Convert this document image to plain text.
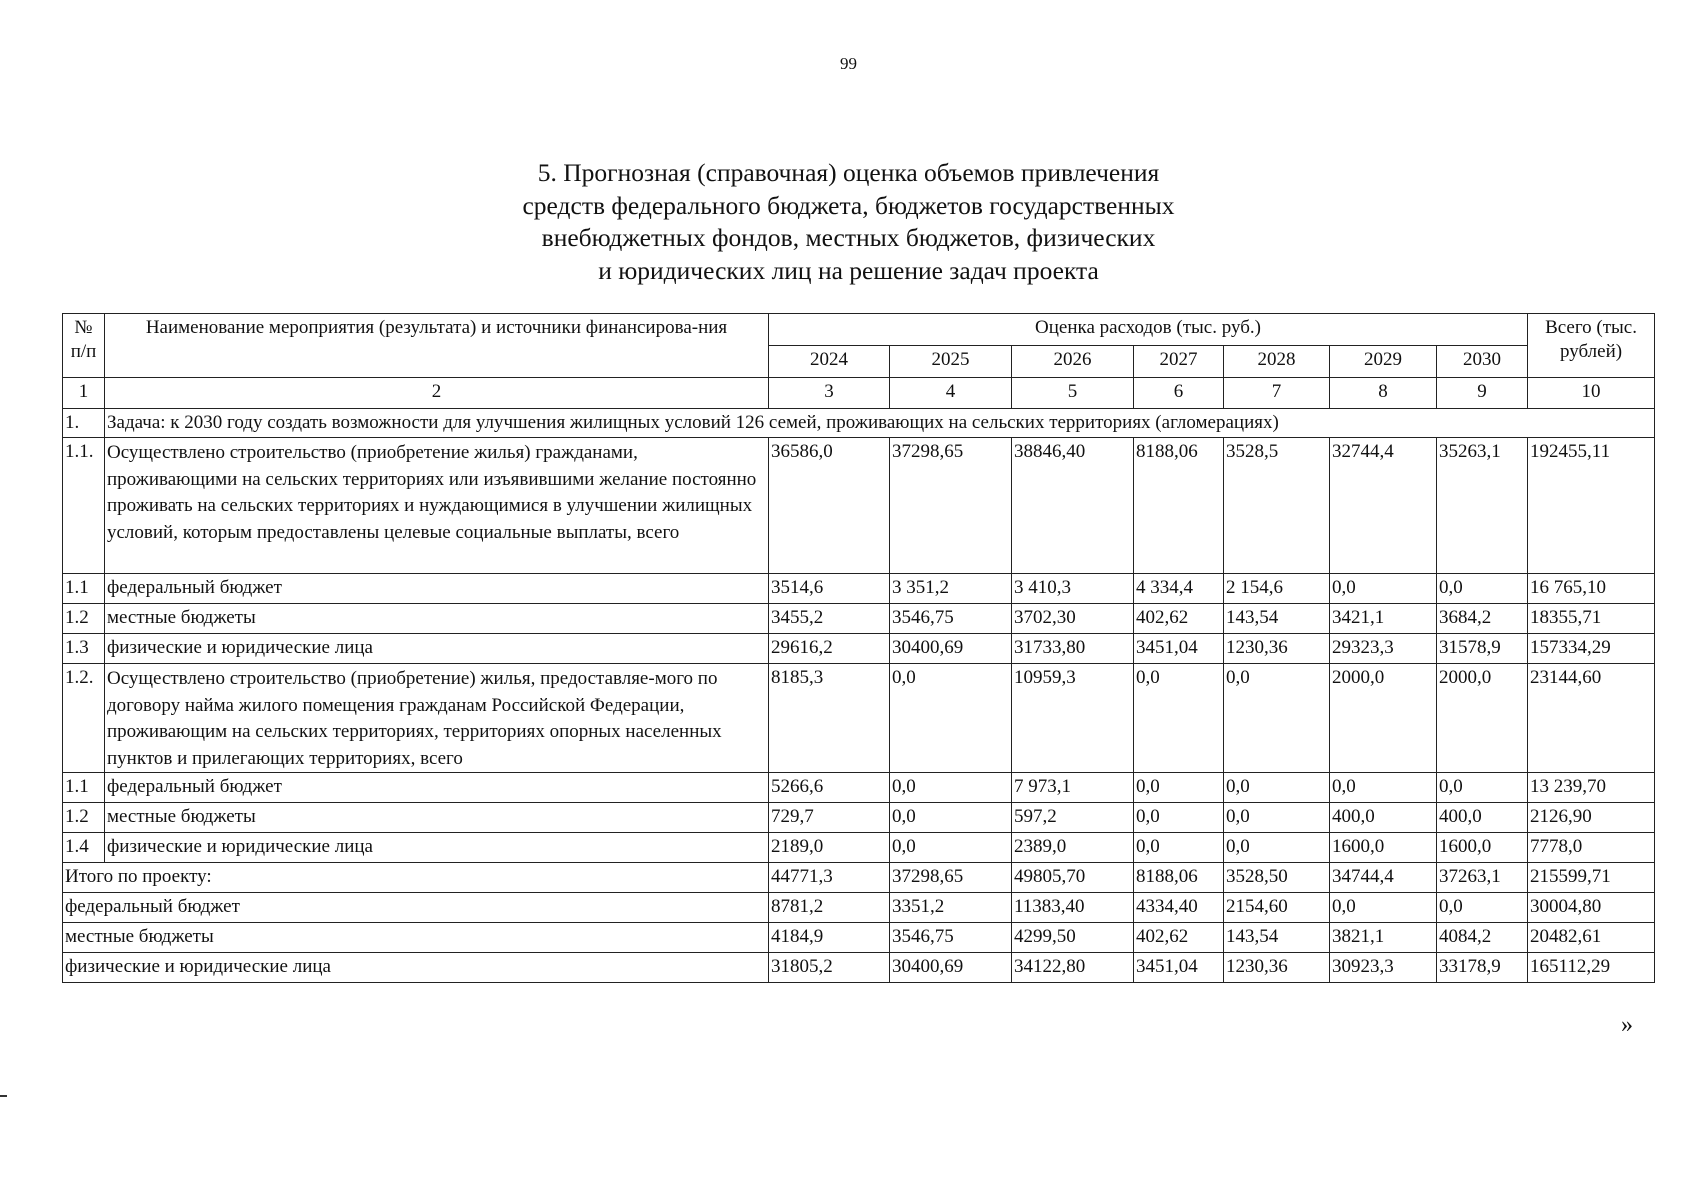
99
5. Прогнозная (справочная) оценка объемов привлечения
средств федерального бюджета, бюджетов государственных
внебюджетных фондов, местных бюджетов, физических
и юридических лиц на решение задач проекта
№ п/п	Наименование мероприятия (результата) и источники финансирова-ния	Оценка расходов (тыс. руб.)							Всего (тыс. рублей)
		2024	2025	2026	2027	2028	2029	2030	
1	2	3	4	5	6	7	8	9	10
1.	Задача: к 2030 году создать возможности для улучшения жилищных условий 126 семей, проживающих на сельских территориях (агломерациях)								
1.1.	Осуществлено строительство (приобретение жилья) гражданами, проживающими на сельских территориях или изъявившими желание постоянно проживать на сельских территориях и нуждающимися в улучшении жилищных условий, которым предоставлены целевые социальные выплаты, всего	36586,0	37298,65	38846,40	8188,06	3528,5	32744,4	35263,1	192455,11
1.1	федеральный бюджет	3514,6	3 351,2	3 410,3	4 334,4	2 154,6	0,0	0,0	16 765,10
1.2	местные бюджеты	3455,2	3546,75	3702,30	402,62	143,54	3421,1	3684,2	18355,71
1.3	физические и юридические лица	29616,2	30400,69	31733,80	3451,04	1230,36	29323,3	31578,9	157334,29
1.2.	Осуществлено строительство (приобретение) жилья, предоставляе-мого по договору найма жилого помещения гражданам Российской Федерации, проживающим на сельских территориях, территориях опорных населенных пунктов и прилегающих территориях, всего	8185,3	0,0	10959,3	0,0	0,0	2000,0	2000,0	23144,60
1.1	федеральный бюджет	5266,6	0,0	7 973,1	0,0	0,0	0,0	0,0	13 239,70
1.2	местные бюджеты	729,7	0,0	597,2	0,0	0,0	400,0	400,0	2126,90
1.4	физические и юридические лица	2189,0	0,0	2389,0	0,0	0,0	1600,0	1600,0	7778,0
Итого по проекту:		44771,3	37298,65	49805,70	8188,06	3528,50	34744,4	37263,1	215599,71
федеральный бюджет		8781,2	3351,2	11383,40	4334,40	2154,60	0,0	0,0	30004,80
местные бюджеты		4184,9	3546,75	4299,50	402,62	143,54	3821,1	4084,2	20482,61
физические и юридические лица		31805,2	30400,69	34122,80	3451,04	1230,36	30923,3	33178,9	165112,29
»
